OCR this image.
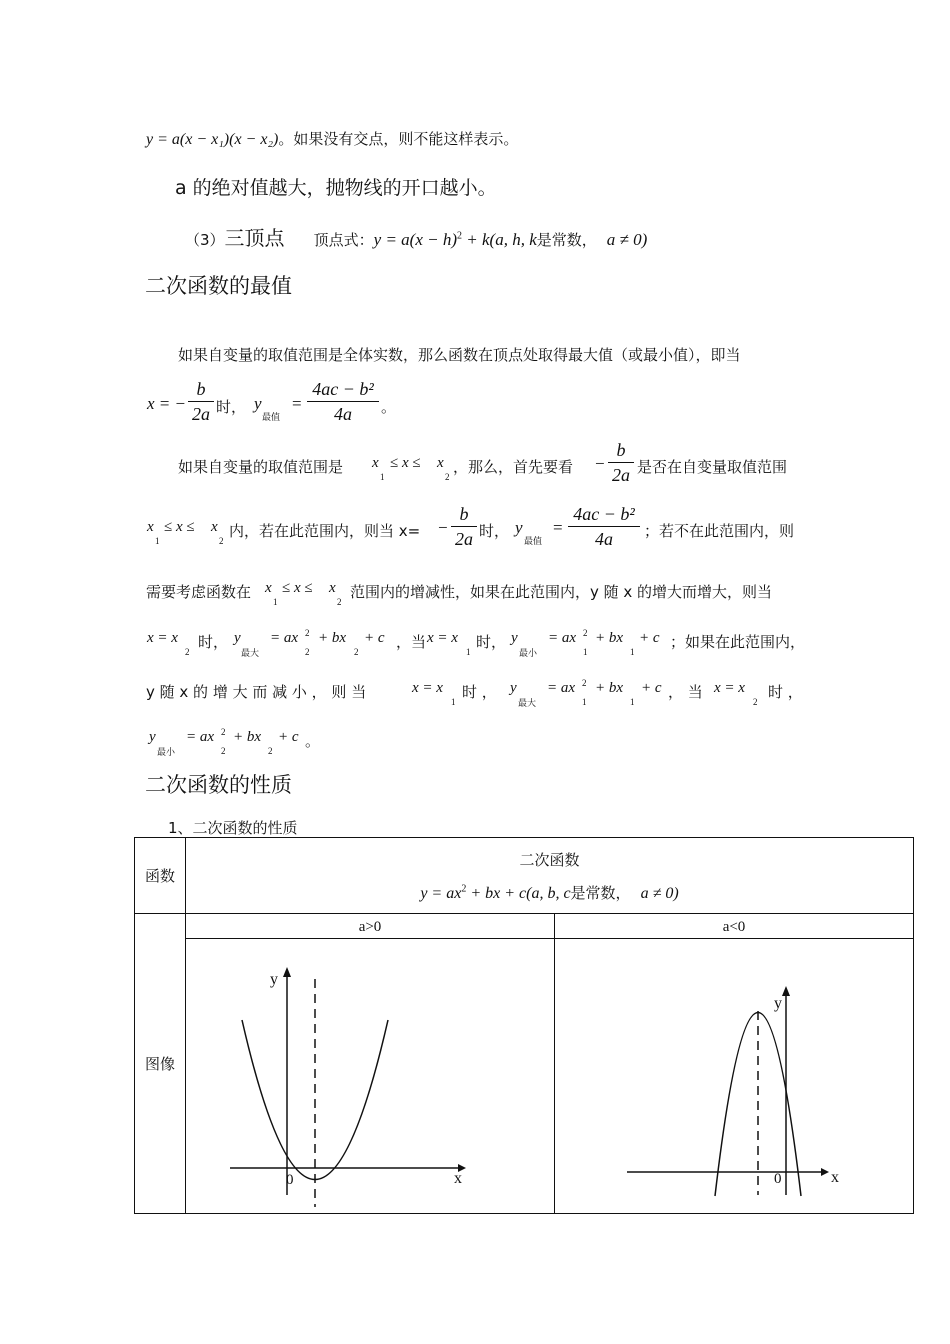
y = a(x − x₁)(x − x₂)。如果没有交点，则不能这样表示。
a 的绝对值越大，抛物线的开口越小。
（3）三顶点 顶点式：$y = a(x - h)^2 + k(a$, h, k是常数， a ≠ 0)
二次函数的最值
如果自变量的取值范围是全体实数，那么函数在顶点处取得最大值（或最小值），即当
x = −
b
2a 时， y
最值
=
4ac − b²
4a	。
如果自变量的取值范围是 x
1
≤ x ≤ x
2
，那么，首先要看 −
b
2a 是否在自变量取值范围
x
1
≤ x ≤ x
2
内，若在此范围内，则当 x= −
b
2a 时， y
最值
=
4ac − b²
4a	；若不在此范围内，则
需要考虑函数在 x
1
≤ x ≤ x
2
范围内的增减性，如果在此范围内，y 随 x 的增大而增大，则当
x = x
2
时， y
最大
= ax
2
2 + bx
2
+ c ，当 x = x
1
时， y
最小
= ax
1
2 + bx
1
+ c ；如果在此范围内，
y 随 x 的 增 大 而 减 小 ， 则 当	x = x
1
时 ， y
最大
= ax
1
2 + bx
1
+ c ， 当 x = x
2
时 ，
y
最小
= ax
2
2 + bx
2
+ c 。
二次函数的性质
1、二次函数的性质
函数	二次函数
$y = ax^2$ + bx + c(a, b, c是常数， a ≠ 0)	

图像	a>0	a<0

y
0 x	y
0 x
